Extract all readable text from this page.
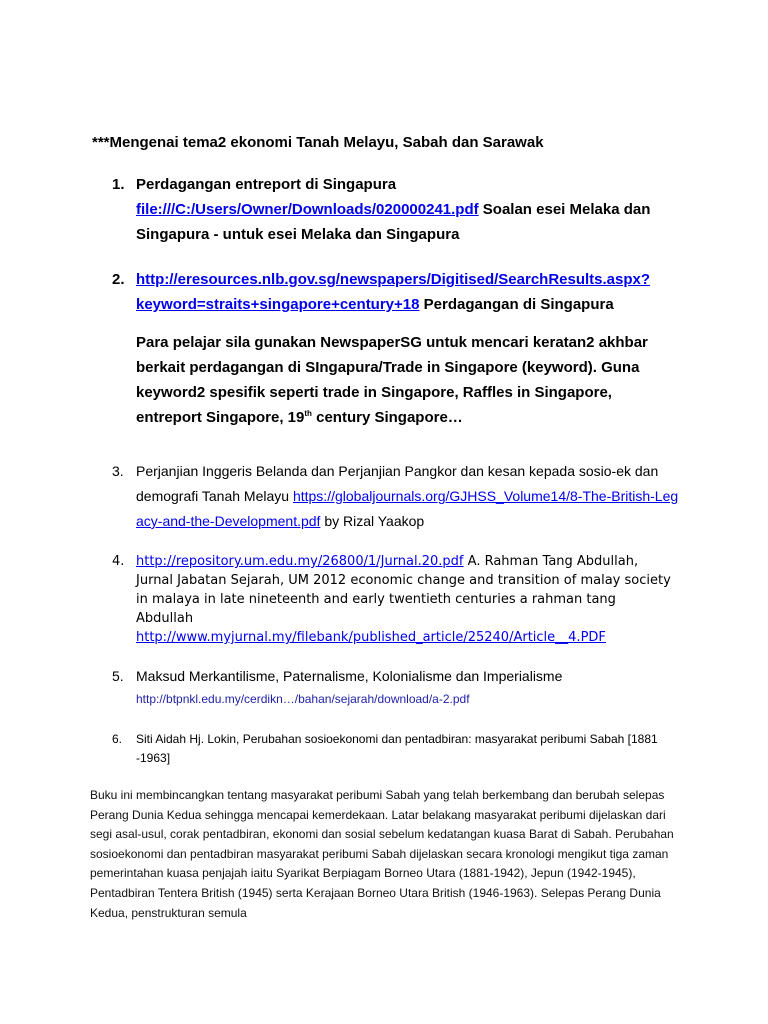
***Mengenai tema2 ekonomi Tanah Melayu, Sabah dan Sarawak
1. Perdagangan entreport di Singapura
file:///C:/Users/Owner/Downloads/020000241.pdf Soalan esei Melaka dan
Singapura - untuk esei Melaka dan Singapura
2. http://eresources.nlb.gov.sg/newspapers/Digitised/SearchResults.aspx?
keyword=straits+singapore+century+18 Perdagangan di Singapura
Para pelajar sila gunakan NewspaperSG untuk mencari keratan2 akhbar berkait perdagangan di SIngapura/Trade in Singapore (keyword). Guna keyword2 spesifik seperti trade in Singapore, Raffles in Singapore, entreport Singapore, 19th century Singapore…
3. Perjanjian Inggeris Belanda dan Perjanjian Pangkor dan kesan kepada sosio-ek dan demografi Tanah Melayu https://globaljournals.org/GJHSS_Volume14/8-The-British-Legacy-and-the-Development.pdf by Rizal Yaakop
4. http://repository.um.edu.my/26800/1/Jurnal.20.pdf A. Rahman Tang Abdullah, Jurnal Jabatan Sejarah, UM 2012 economic change and transition of malay society in malaya in late nineteenth and early twentieth centuries a rahman tang Abdullah
http://www.myjurnal.my/filebank/published_article/25240/Article__4.PDF
5. Maksud Merkantilisme, Paternalisme, Kolonialisme dan Imperialisme
http://btpnkl.edu.my/cerdikn…/bahan/sejarah/download/a-2.pdf
6. Siti Aidah Hj. Lokin, Perubahan sosioekonomi dan pentadbiran: masyarakat peribumi Sabah [1881 -1963]
Buku ini membincangkan tentang masyarakat peribumi Sabah yang telah berkembang dan berubah selepas Perang Dunia Kedua sehingga mencapai kemerdekaan. Latar belakang masyarakat peribumi dijelaskan dari segi asal-usul, corak pentadbiran, ekonomi dan sosial sebelum kedatangan kuasa Barat di Sabah. Perubahan sosioekonomi dan pentadbiran masyarakat peribumi Sabah dijelaskan secara kronologi mengikut tiga zaman pemerintahan kuasa penjajah iaitu Syarikat Berpiagam Borneo Utara (1881-1942), Jepun (1942-1945), Pentadbiran Tentera British (1945) serta Kerajaan Borneo Utara British (1946-1963). Selepas Perang Dunia Kedua, penstrukturan semula
